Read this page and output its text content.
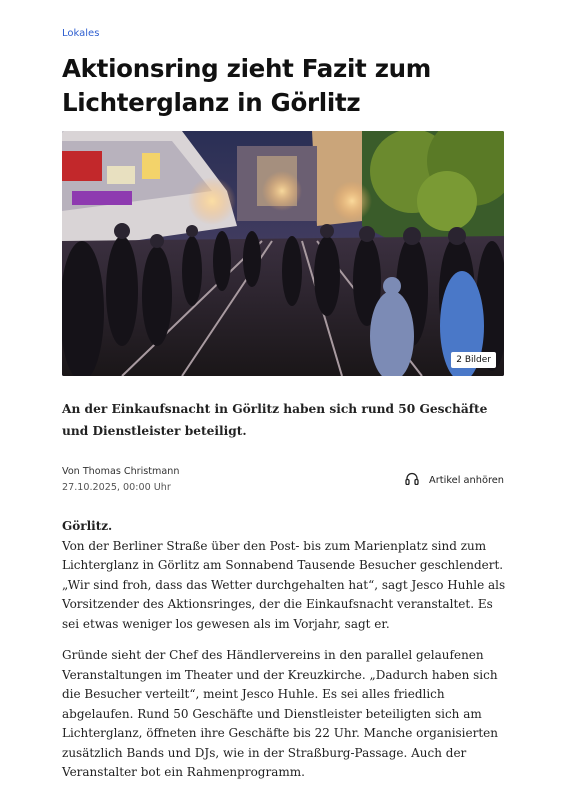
Lokales
Aktionsring zieht Fazit zum Lichterglanz in Görlitz
2 Bilder

An der Einkaufsnacht in Görlitz haben sich rund 50 Geschäfte und Dienstleister beteiligt.

Von Thomas Christmann
27.10.2025, 00:00 Uhr
Artikel anhören

Görlitz.
Von der Berliner Straße über den Post- bis zum Marienplatz sind zum Lichterglanz in Görlitz am Sonnabend Tausende Besucher geschlendert. „Wir sind froh, dass das Wetter durchgehalten hat“, sagt Jesco Huhle als Vorsitzender des Aktionsringes, der die Einkaufsnacht veranstaltet. Es sei etwas weniger los gewesen als im Vorjahr, sagt er.

Gründe sieht der Chef des Händlervereins in den parallel gelaufenen Veranstaltungen im Theater und der Kreuzkirche. „Dadurch haben sich die Besucher verteilt“, meint Jesco Huhle. Es sei alles friedlich abgelaufen. Rund 50 Geschäfte und Dienstleister beteiligten sich am Lichterglanz, öffneten ihre Geschäfte bis 22 Uhr. Manche organisierten zusätzlich Bands und DJs, wie in der Straßburg-Passage. Auch der Veranstalter bot ein Rahmenprogramm.
